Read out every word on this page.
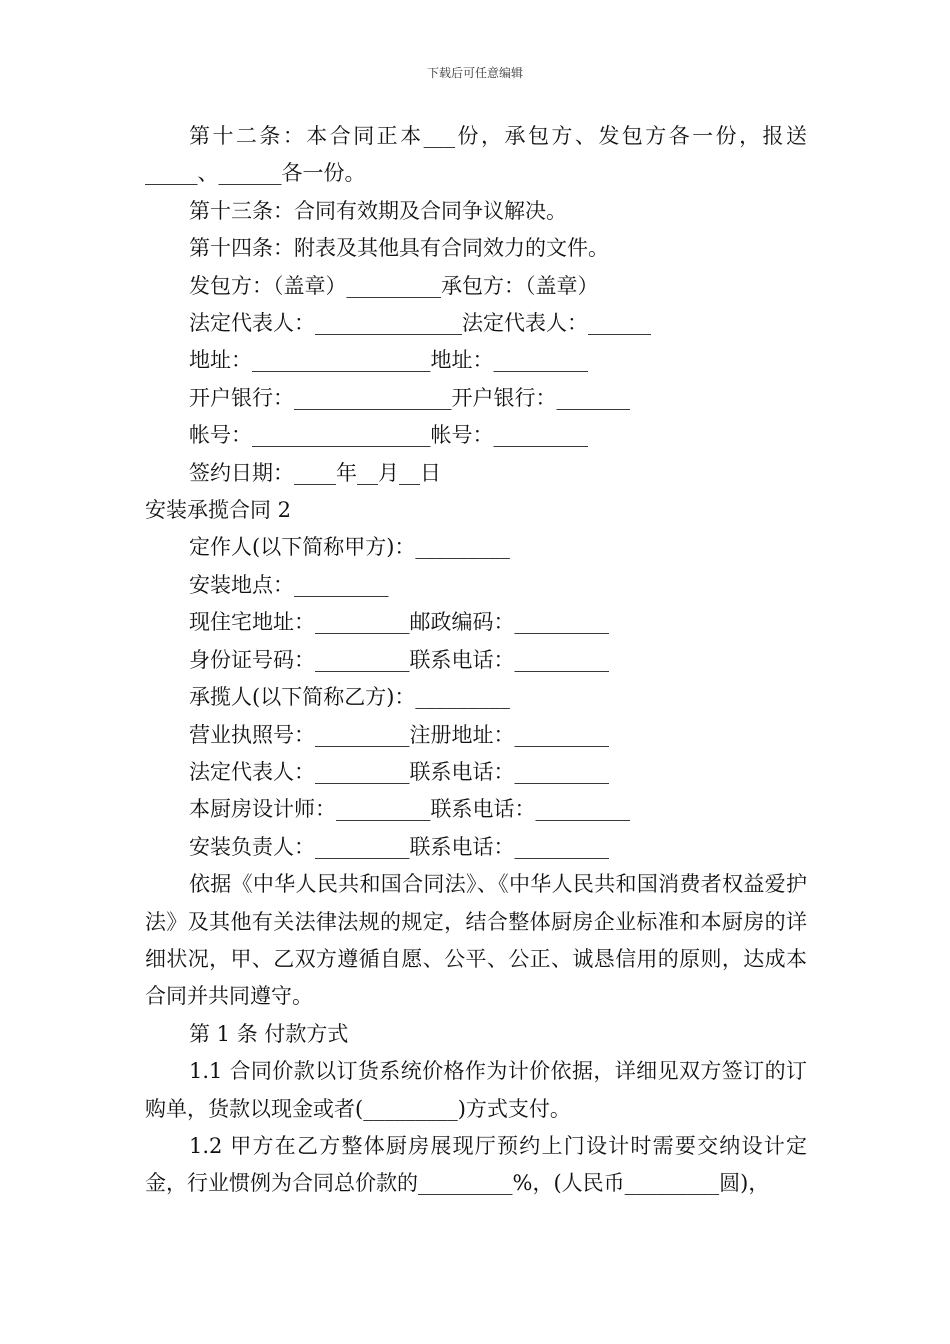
下载后可任意编辑

第十二条：本合同正本___份，承包方、发包方各一份，报送_____、______各一份。

第十三条：合同有效期及合同争议解决。

第十四条：附表及其他具有合同效力的文件。

发包方：（盖章）_________承包方：（盖章）

法定代表人：______________法定代表人：______

地址：_________________地址：_________

开户银行：_______________开户银行：_______

帐号：_________________帐号：_________

签约日期：____年__月__日

安装承揽合同 2

定作人(以下简称甲方)：_________

安装地点：_________

现住宅地址：_________邮政编码：_________

身份证号码：_________联系电话：_________

承揽人(以下简称乙方)：_________

营业执照号：_________注册地址：_________

法定代表人：_________联系电话：_________

本厨房设计师：_________联系电话：_________

安装负责人：_________联系电话：_________

依据《中华人民共和国合同法》、《中华人民共和国消费者权益爱护法》及其他有关法律法规的规定，结合整体厨房企业标准和本厨房的详细状况，甲、乙双方遵循自愿、公平、公正、诚恳信用的原则，达成本合同并共同遵守。

第 1 条 付款方式

1.1 合同价款以订货系统价格作为计价依据，详细见双方签订的订购单，货款以现金或者(_________)方式支付。

1.2 甲方在乙方整体厨房展现厅预约上门设计时需要交纳设计定金，行业惯例为合同总价款的_________%，(人民币_________圆)，
